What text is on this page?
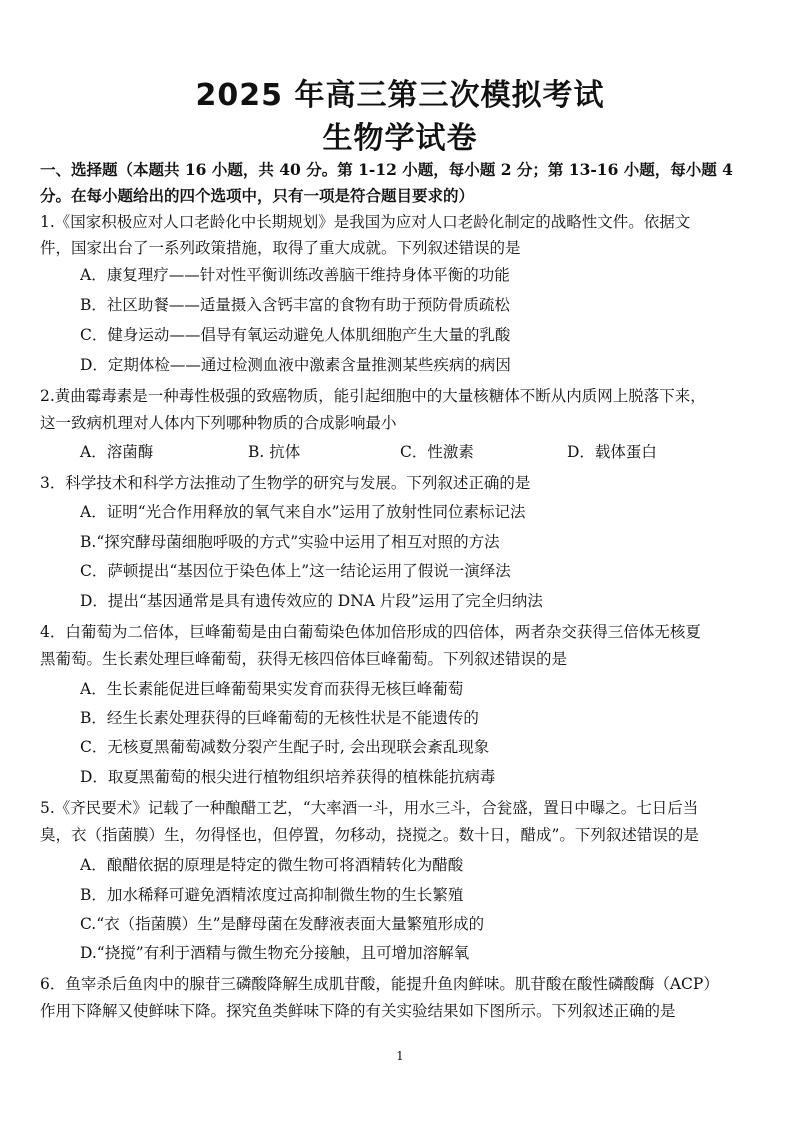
2025 年高三第三次模拟考试
生物学试卷
一、选择题（本题共 16 小题，共 40 分。第 1-12 小题，每小题 2 分；第 13-16 小题，每小题 4
分。在每小题给出的四个选项中，只有一项是符合题目要求的）
1.《国家积极应对人口老龄化中长期规划》是我国为应对人口老龄化制定的战略性文件。依据文
件，国家出台了一系列政策措施，取得了重大成就。下列叙述错误的是
A．康复理疗——针对性平衡训练改善脑干维持身体平衡的功能
B．社区助餐——适量摄入含钙丰富的食物有助于预防骨质疏松
C．健身运动——倡导有氧运动避免人体肌细胞产生大量的乳酸
D．定期体检——通过检测血液中激素含量推测某些疾病的病因
2.黄曲霉毒素是一种毒性极强的致癌物质，能引起细胞中的大量核糖体不断从内质网上脱落下来，
这一致病机理对人体内下列哪种物质的合成影响最小
A．溶菌酶	B. 抗体	C．性激素	D．载体蛋白
3．科学技术和科学方法推动了生物学的研究与发展。下列叙述正确的是
A．证明“光合作用释放的氧气来自水”运用了放射性同位素标记法
B.“探究酵母菌细胞呼吸的方式”实验中运用了相互对照的方法
C．萨顿提出“基因位于染色体上”这一结论运用了假说一演绎法
D．提出“基因通常是具有遗传效应的 DNA 片段”运用了完全归纳法
4．白葡萄为二倍体，巨峰葡萄是由白葡萄染色体加倍形成的四倍体，两者杂交获得三倍体无核夏
黑葡萄。生长素处理巨峰葡萄，获得无核四倍体巨峰葡萄。下列叙述错误的是
A．生长素能促进巨峰葡萄果实发育而获得无核巨峰葡萄
B．经生长素处理获得的巨峰葡萄的无核性状是不能遗传的
C．无核夏黑葡萄减数分裂产生配子时, 会出现联会紊乱现象
D．取夏黑葡萄的根尖进行植物组织培养获得的植株能抗病毒
5.《齐民要术》记载了一种酿醋工艺，“大率酒一斗，用水三斗，合瓮盛，置日中曝之。七日后当
臭，衣（指菌膜）生，勿得怪也，但停置，勿移动，挠搅之。数十日，醋成”。下列叙述错误的是
A．酿醋依据的原理是特定的微生物可将酒精转化为醋酸
B．加水稀释可避免酒精浓度过高抑制微生物的生长繁殖
C.“衣（指菌膜）生”是酵母菌在发酵液表面大量繁殖形成的
D.“挠搅”有利于酒精与微生物充分接触，且可增加溶解氧
6．鱼宰杀后鱼肉中的腺苷三磷酸降解生成肌苷酸，能提升鱼肉鲜味。肌苷酸在酸性磷酸酶（ACP）
作用下降解又使鲜味下降。探究鱼类鲜味下降的有关实验结果如下图所示。下列叙述正确的是
1
